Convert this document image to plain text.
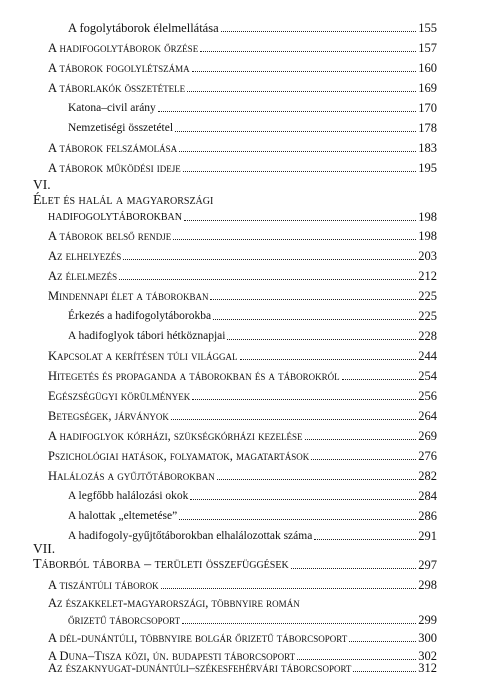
A fogolytáborok élelmellátása	155
A hadifogolytáborok őrzése	157
A táborok fogolylétszáma	160
A táborlakók összetétele	169
Katona–civil arány	170
Nemzetiségi összetétel	178
A táborok felszámolása	183
A táborok működési ideje	195
VI.
Élet és halál a magyarországi
hadifogolytáborokban	198
A táborok belső rendje	198
Az elhelyezés	203
Az élelmezés	212
Mindennapi élet a táborokban	225
Érkezés a hadifogolytáborokba	225
A hadifoglyok tábori hétköznapjai	228
Kapcsolat a kerítésen túli világgal	244
Hitegetés és propaganda a táborokban és a táborokról	254
Egészségügyi körülmények	256
Betegségek, járványok	264
A hadifoglyok kórházi, szükségkórházi kezelése	269
Pszichológiai hatások, folyamatok, magatartások	276
Halálozás a gyűjtőtáborokban	282
A legfőbb halálozási okok	284
A halottak „eltemetése”	286
A hadifogoly-gyűjtőtáborokban elhalálozottak száma	291
VII.
Táborból táborba – területi összefüggések	297
A tiszántúli táborok	298
Az északkelet-magyarországi, többnyire román
őrizetű táborcsoport	299
A dél-dunántúli, többnyire bolgár őrizetű táborcsoport	300
A Duna–Tisza közi, ún. budapesti táborcsoport	302
Az északnyugat-dunántúli–székesfehérvári táborcsoport	312
